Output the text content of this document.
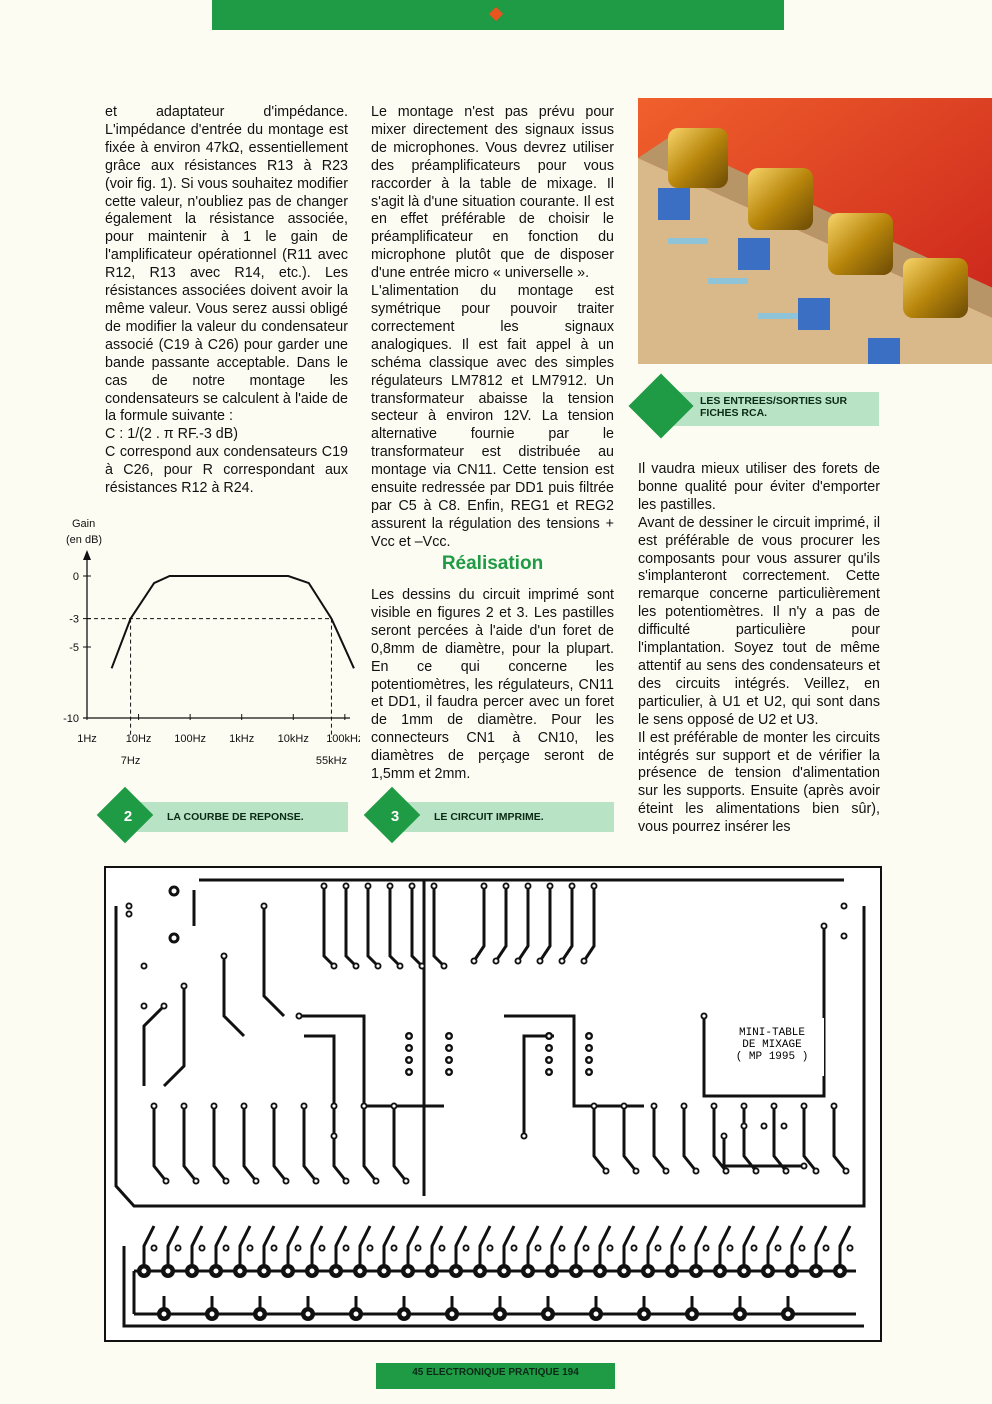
et adaptateur d'impédance. L'impédance d'entrée du montage est fixée à environ 47kΩ, essentiellement grâce aux résistances R13 à R23 (voir fig. 1). Si vous souhaitez modifier cette valeur, n'oubliez pas de changer également la résistance associée, pour maintenir à 1 le gain de l'amplificateur opérationnel (R11 avec R12, R13 avec R14, etc.). Les résistances associées doivent avoir la même valeur. Vous serez aussi obligé de modifier la valeur du condensateur associé (C19 à C26) pour garder une bande passante acceptable. Dans le cas de notre montage les condensateurs se calculent à l'aide de la formule suivante :

C : 1/(2 . π RF.-3 dB)

C correspond aux condensateurs C19 à C26, pour R correspondant aux résistances R12 à R24.

Le montage n'est pas prévu pour mixer directement des signaux issus de microphones. Vous devrez utiliser des préamplificateurs pour vous raccorder à la table de mixage. Il s'agit là d'une situation courante. Il est en effet préférable de choisir le préamplificateur en fonction du microphone plutôt que de disposer d'une entrée micro « universelle ».

L'alimentation du montage est symétrique pour pouvoir traiter correctement les signaux analogiques. Il est fait appel à un schéma classique avec des simples régulateurs LM7812 et LM7912. Un transformateur abaisse la tension secteur à environ 12V. La tension alternative fournie par le transformateur est distribuée au montage via CN11. Cette tension est ensuite redressée par DD1 puis filtrée par C5 à C8. Enfin, REG1 et REG2 assurent la régulation des tensions + Vcc et –Vcc.

Réalisation

Les dessins du circuit imprimé sont visible en figures 2 et 3. Les pastilles seront percées à l'aide d'un foret de 0,8mm de diamètre, pour la plupart. En ce qui concerne les potentiomètres, les régulateurs, CN11 et DD1, il faudra percer avec un foret de 1mm de diamètre. Pour les connecteurs CN1 à CN10, les diamètres de perçage seront de 1,5mm et 2mm.

LES ENTREES/SORTIES SUR FICHES RCA.

Il vaudra mieux utiliser des forets de bonne qualité pour éviter d'emporter les pastilles.

Avant de dessiner le circuit imprimé, il est préférable de vous procurer les composants pour vous assurer qu'ils s'implanteront correctement. Cette remarque concerne particulièrement les potentiomètres. Il n'y a pas de difficulté particulière pour l'implantation. Soyez tout de même attentif au sens des condensateurs et des circuits intégrés. Veillez, en particulier, à U1 et U2, qui sont dans le sens opposé de U2 et U3.

Il est préférable de monter les circuits intégrés sur support et de vérifier la présence de tension d'alimentation sur les supports. Ensuite (après avoir éteint les alimentations bien sûr), vous pourrez insérer les

Gain
(en dB)
0
-3
-5
-10
1Hz	10Hz 100Hz 1kHz 10kHz 100kHz
7Hz	55kHz
2	LA COURBE DE REPONSE.	3	LE CIRCUIT IMPRIME.
MINI-TABLE
DE MIXAGE
( MP 1995 )
45 ELECTRONIQUE PRATIQUE 194
